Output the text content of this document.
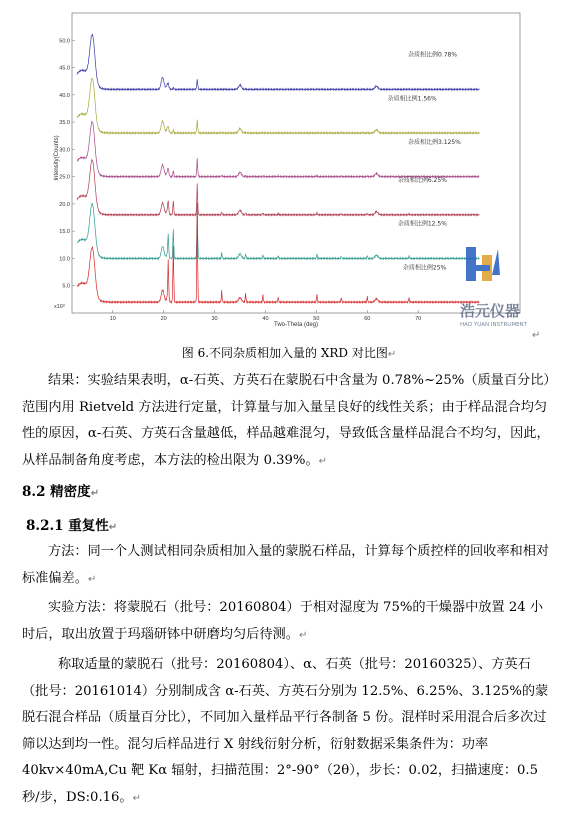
5.0
10.0
15.0
20.0
25.0
30.0
35.0
40.0
45.0
50.0
10	20	30	40	50	60	70
杂质相比例0.78%
杂质相比例1.56%
杂质相比例3.125%
杂质相比例6.25%
杂质相比例12.5%
杂质相比例25%
Intensity(Counts)
Two-Theta (deg)
x10³	浩元仪器
HAO YUAN INSTRUMENT
↵
图 6.不同杂质相加入量的 XRD 对比图↵

结果：实验结果表明，α-石英、方英石在蒙脱石中含量为 0.78%~25%（质量百分比）范围内用 Rietveld 方法进行定量，计算量与加入量呈良好的线性关系；由于样品混合均匀性的原因，α-石英、方英石含量越低，样品越难混匀，导致低含量样品混合不均匀，因此，从样品制备角度考虑，本方法的检出限为 0.39%。↵

8.2 精密度↵
8.2.1 重复性↵

方法：同一个人测试相同杂质相加入量的蒙脱石样品，计算每个质控样的回收率和相对标准偏差。↵

实验方法：将蒙脱石（批号：20160804）于相对湿度为 75%的干燥器中放置 24 小时后，取出放置于玛瑙研钵中研磨均匀后待测。↵

称取适量的蒙脱石（批号：20160804）、α、石英（批号：20160325）、方英石（批号：20161014）分别制成含 α-石英、方英石分别为 12.5%、6.25%、3.125%的蒙脱石混合样品（质量百分比），不同加入量样品平行各制备 5 份。混样时采用混合后多次过筛以达到均一性。混匀后样品进行 X 射线衍射分析，衍射数据采集条件为：功率 40kv×40mA,Cu 靶 Kα 辐射，扫描范围：2°-90°（2θ），步长：0.02，扫描速度：0.5 秒/步，DS:0.16。↵
